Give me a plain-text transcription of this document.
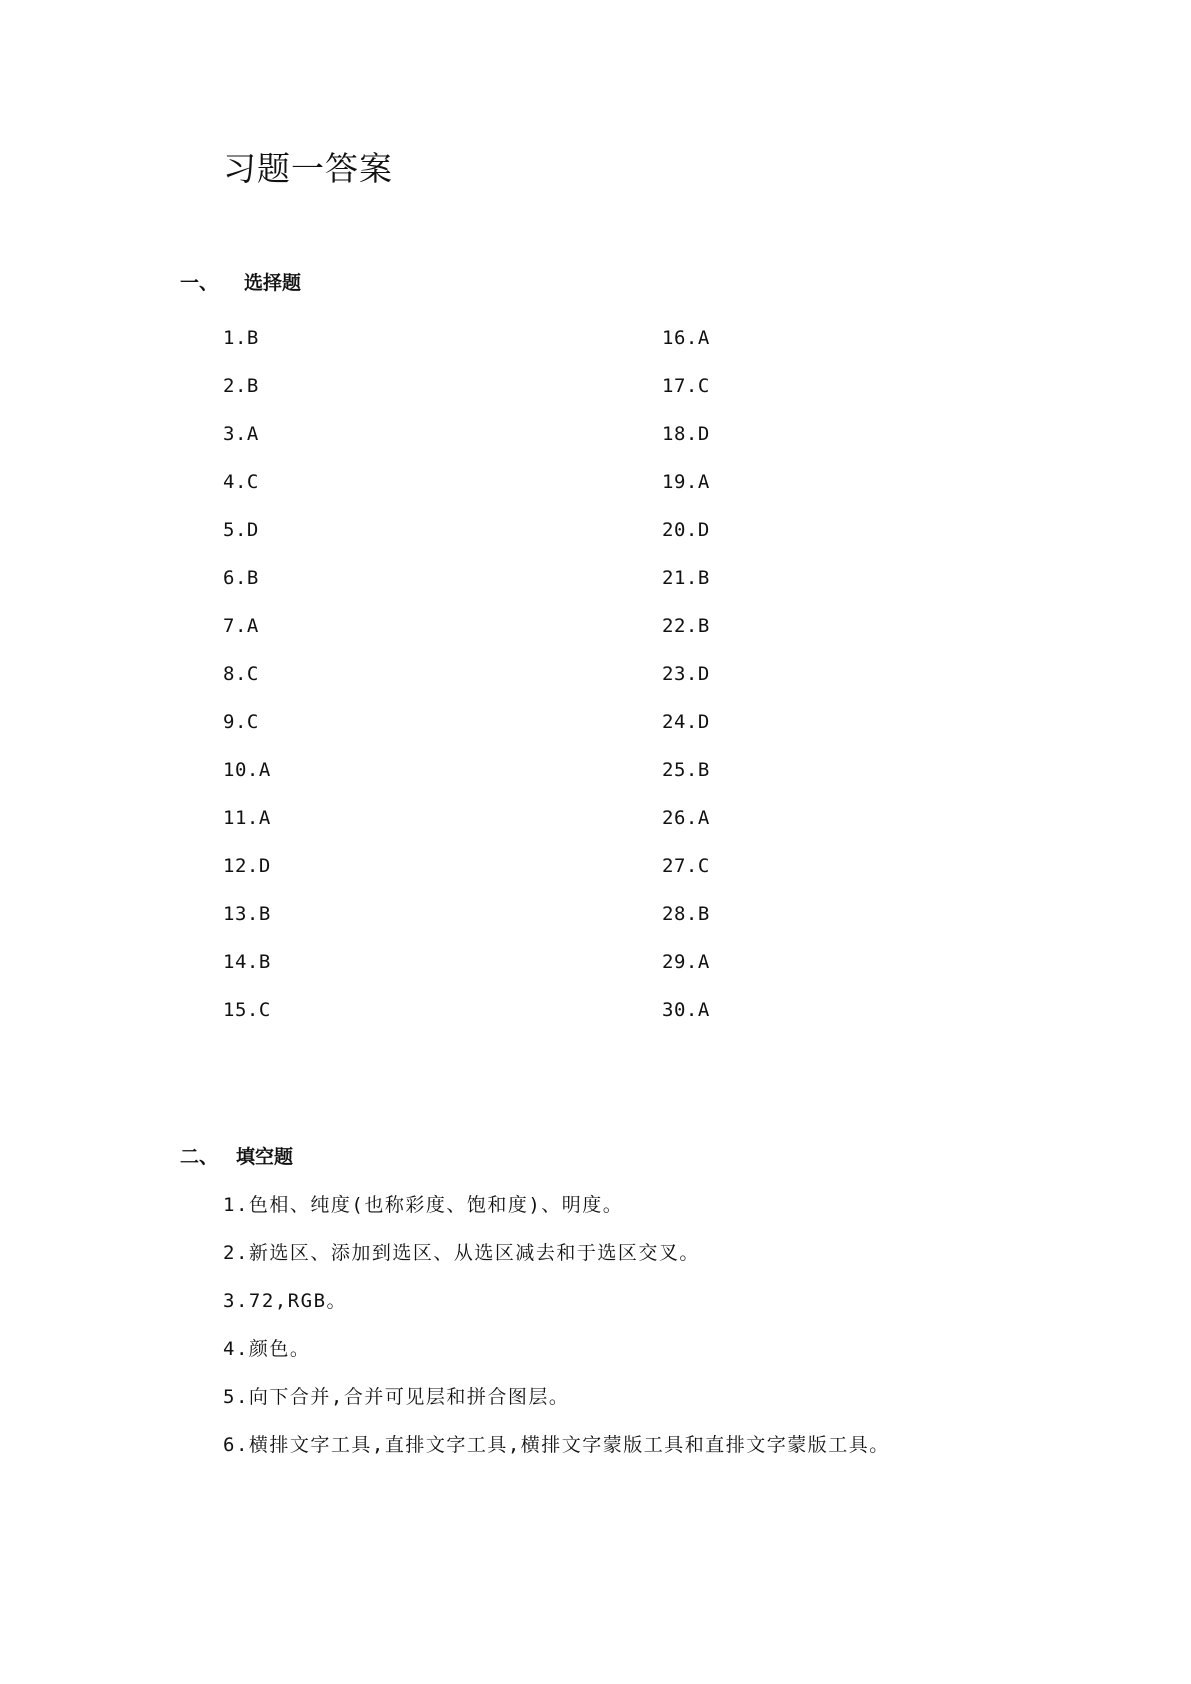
习题一答案
一、 选择题
1.B
2.B
3.A
4.C
5.D
6.B
7.A
8.C
9.C
10.A
11.A
12.D
13.B
14.B
15.C
16.A
17.C
18.D
19.A
20.D
21.B
22.B
23.D
24.D
25.B
26.A
27.C
28.B
29.A
30.A
二、 填空题
1.色相、纯度(也称彩度、饱和度)、明度。
2.新选区、添加到选区、从选区减去和于选区交叉。
3.72,RGB。
4.颜色。
5.向下合并,合并可见层和拼合图层。
6.横排文字工具,直排文字工具,横排文字蒙版工具和直排文字蒙版工具。
